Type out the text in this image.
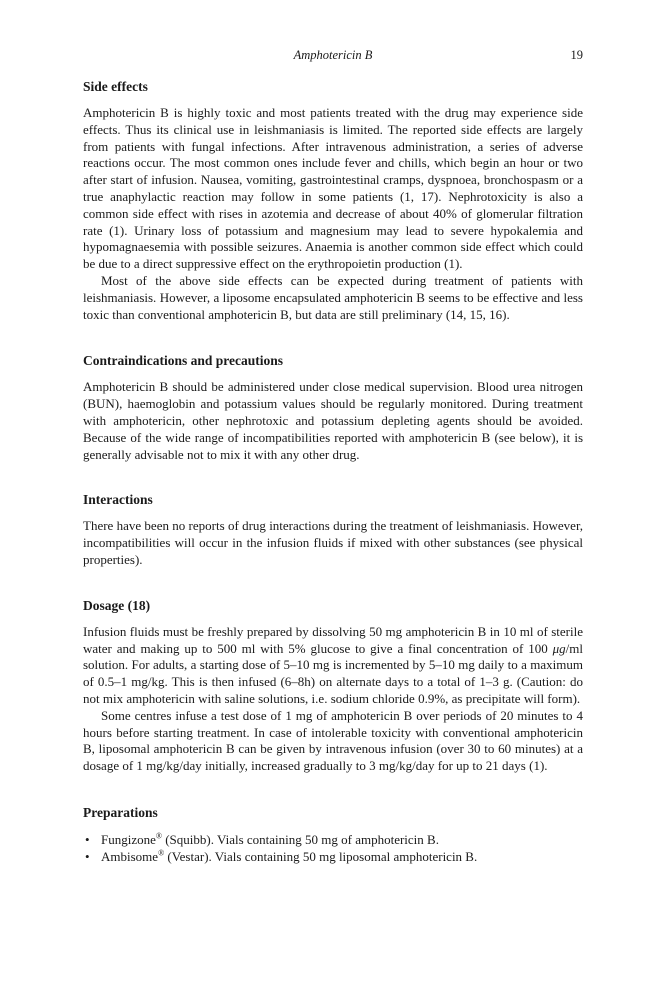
Amphotericin B	19
Side effects

Amphotericin B is highly toxic and most patients treated with the drug may experience side effects. Thus its clinical use in leishmaniasis is limited. The reported side effects are largely from patients with fungal infections. After intravenous administration, a series of adverse reactions occur. The most common ones include fever and chills, which begin an hour or two after start of infusion. Nausea, vomiting, gastrointestinal cramps, dyspnoea, bronchospasm or a true anaphylactic reaction may follow in some patients (1, 17). Nephrotoxicity is also a common side effect with rises in azotemia and decrease of about 40% of glomerular filtration rate (1). Urinary loss of potassium and magnesium may lead to severe hypokalemia and hypomagnaesemia with possible seizures. Anaemia is another common side effect which could be due to a direct suppressive effect on the erythropoietin production (1).

Most of the above side effects can be expected during treatment of patients with leishmaniasis. However, a liposome encapsulated amphotericin B seems to be effective and less toxic than conventional amphotericin B, but data are still preliminary (14, 15, 16).

Contraindications and precautions

Amphotericin B should be administered under close medical supervision. Blood urea nitrogen (BUN), haemoglobin and potassium values should be regularly monitored. During treatment with amphotericin, other nephrotoxic and potassium depleting agents should be avoided. Because of the wide range of incompatibilities reported with amphotericin B (see below), it is generally advisable not to mix it with any other drug.

Interactions

There have been no reports of drug interactions during the treatment of leishmaniasis. However, incompatibilities will occur in the infusion fluids if mixed with other substances (see physical properties).

Dosage (18)

Infusion fluids must be freshly prepared by dissolving 50 mg amphotericin B in 10 ml of sterile water and making up to 500 ml with 5% glucose to give a final concentration of 100 μg/ml solution. For adults, a starting dose of 5–10 mg is incremented by 5–10 mg daily to a maximum of 0.5–1 mg/kg. This is then infused (6–8h) on alternate days to a total of 1–3 g. (Caution: do not mix amphotericin with saline solutions, i.e. sodium chloride 0.9%, as precipitate will form).

Some centres infuse a test dose of 1 mg of amphotericin B over periods of 20 minutes to 4 hours before starting treatment. In case of intolerable toxicity with conventional amphotericin B, liposomal amphotericin B can be given by intravenous infusion (over 30 to 60 minutes) at a dosage of 1 mg/kg/day initially, increased gradually to 3 mg/kg/day for up to 21 days (1).

Preparations
• Fungizone® (Squibb). Vials containing 50 mg of amphotericin B.
• Ambisome® (Vestar). Vials containing 50 mg liposomal amphotericin B.
